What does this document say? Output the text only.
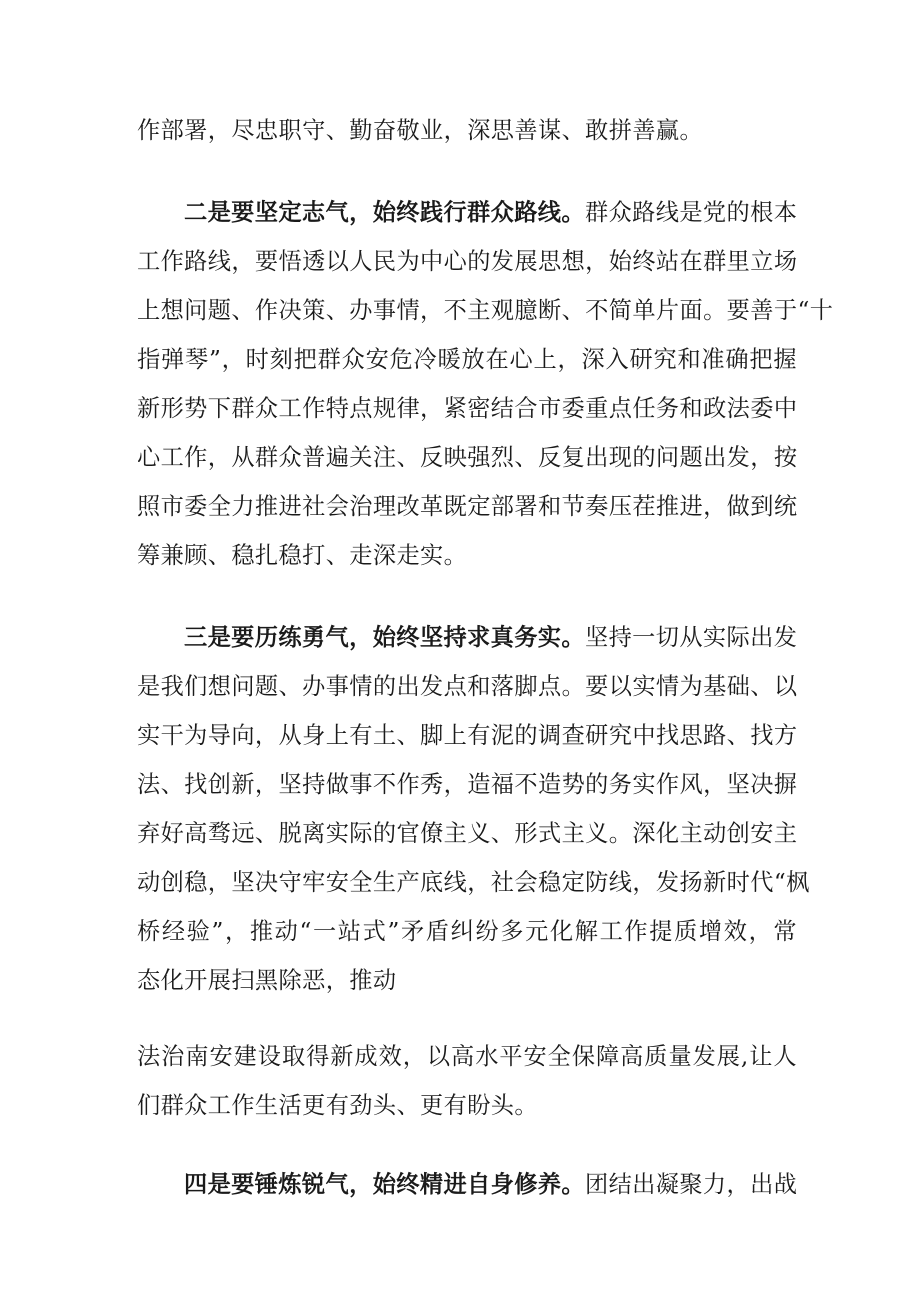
作部署，尽忠职守、勤奋敬业，深思善谋、敢拼善赢。
二是要坚定志气，始终践行群众路线。群众路线是党的根本
工作路线，要悟透以人民为中心的发展思想，始终站在群里立场
上想问题、作决策、办事情，不主观臆断、不简单片面。要善于“十
指弹琴”，时刻把群众安危冷暖放在心上，深入研究和准确把握
新形势下群众工作特点规律，紧密结合市委重点任务和政法委中
心工作，从群众普遍关注、反映强烈、反复出现的问题出发，按
照市委全力推进社会治理改革既定部署和节奏压茬推进，做到统
筹兼顾、稳扎稳打、走深走实。
三是要历练勇气，始终坚持求真务实。坚持一切从实际出发
是我们想问题、办事情的出发点和落脚点。要以实情为基础、以
实干为导向，从身上有土、脚上有泥的调查研究中找思路、找方
法、找创新，坚持做事不作秀，造福不造势的务实作风，坚决摒
弃好高骛远、脱离实际的官僚主义、形式主义。深化主动创安主
动创稳，坚决守牢安全生产底线，社会稳定防线，发扬新时代“枫
桥经验”，推动“一站式”矛盾纠纷多元化解工作提质增效，常
态化开展扫黑除恶，推动
法治南安建设取得新成效，以高水平安全保障高质量发展,让人
们群众工作生活更有劲头、更有盼头。
四是要锤炼锐气，始终精进自身修养。团结出凝聚力，出战
